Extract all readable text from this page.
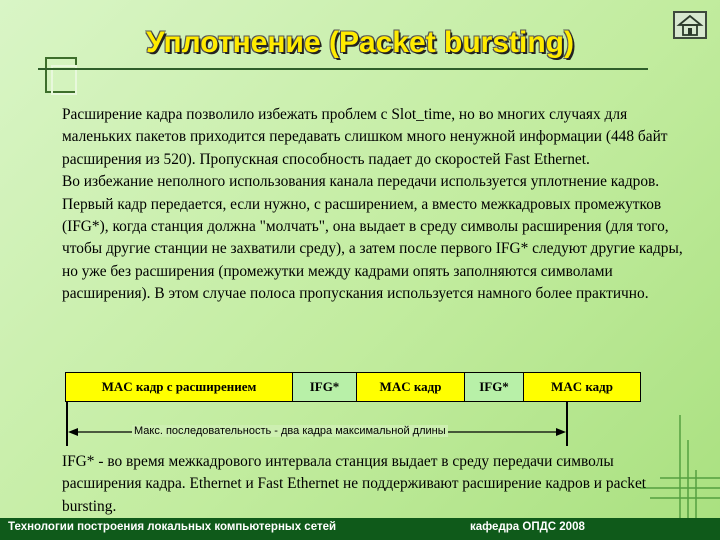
Уплотнение (Packet bursting)

Расширение кадра позволило избежать проблем с Slot_time, но во многих случаях для маленьких пакетов приходится передавать слишком много ненужной информации (448 байт расширения из 520). Пропускная способность падает до скоростей Fast Ethernet.
Во избежание неполного использования канала передачи используется уплотнение кадров. Первый кадр передается, если нужно, с расширением, а вместо межкадровых промежутков (IFG*), когда станция должна "молчать", она выдает в среду символы расширения (для того, чтобы другие станции не захватили среду), а затем после первого IFG* следуют другие кадры, но уже без расширения (промежутки между кадрами опять заполняются символами расширения). В этом случае полоса пропускания используется намного более практично.

MAC кадр с расширением	IFG*	MAC кадр	IFG*	MAC кадр
Макс. последовательность - два кадра максимальной длины

IFG* - во время межкадрового интервала станция выдает в среду передачи символы расширения кадра. Ethernet и Fast Ethernet не поддерживают расширение кадров и packet bursting.

Технологии построения локальных компьютерных сетей	кафедра ОПДС 2008
